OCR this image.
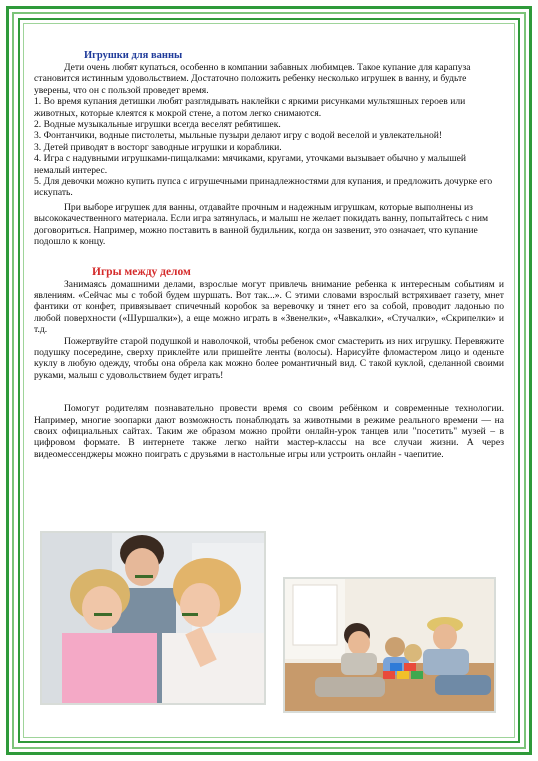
Игрушки для ванны

Дети очень любят купаться, особенно в компании забавных любимцев. Такое купание для карапуза становится истинным удовольствием. Достаточно положить ребенку несколько игрушек в ванну, и будьте уверены, что он с пользой проведет время.

1. Во время купания детишки любят разглядывать наклейки с яркими рисунками мультяшных героев или животных, которые клеятся к мокрой стене, а потом легко снимаются.

2. Водные музыкальные игрушки всегда веселят ребятишек.

3. Фонтанчики, водные пистолеты, мыльные пузыри делают игру с водой веселой и увлекательной!

3. Детей приводят в восторг заводные игрушки и кораблики.

4. Игра с надувными игрушками-пищалками: мячиками, кругами, уточками вызывает обычно у малышей немалый интерес.

5. Для девочки можно купить пупса с игрушечными принадлежностями для купания, и предложить дочурке его искупать.

При выборе игрушек для ванны, отдавайте прочным и надежным игрушкам, которые выполнены из высококачественного материала. Если игра затянулась, и малыш не желает покидать ванну, попытайтесь с ним договориться. Например, можно поставить в ванной будильник, когда он зазвенит, это означает, что купание подошло к концу.

Игры между делом

Занимаясь домашними делами, взрослые могут привлечь внимание ребенка к интересным событиям и явлениям. «Сейчас мы с тобой будем шуршать. Вот так...». С этими словами взрослый встряхивает газету, мнет фантики от конфет, привязывает спичечный коробок за веревочку и тянет его за собой, проводит ладонью по любой поверхности («Шуршалки»), а еще можно играть в «Звенелки», «Чавкалки», «Стучалки», «Скрипелки» и т.д.

Пожертвуйте старой подушкой и наволочкой, чтобы ребенок смог смастерить из них игрушку. Перевяжите подушку посередине, сверху приклейте или пришейте ленты (волосы). Нарисуйте фломастером лицо и оденьте куклу в любую одежду, чтобы она обрела как можно более романтичный вид. С такой куклой, сделанной своими руками, малыш с удовольствием будет играть!

Помогут родителям познавательно провести время со своим ребёнком и современные технологии. Например, многие зоопарки дают возможность понаблюдать за животными в режиме реального времени — на своих официальных сайтах. Таким же образом можно пройти онлайн-урок танцев или "посетить" музей – в цифровом формате. В интернете также легко найти мастер-классы на все случаи жизни. А через видеомессенджеры можно поиграть с друзьями в настольные игры или устроить онлайн - чаепитие.
